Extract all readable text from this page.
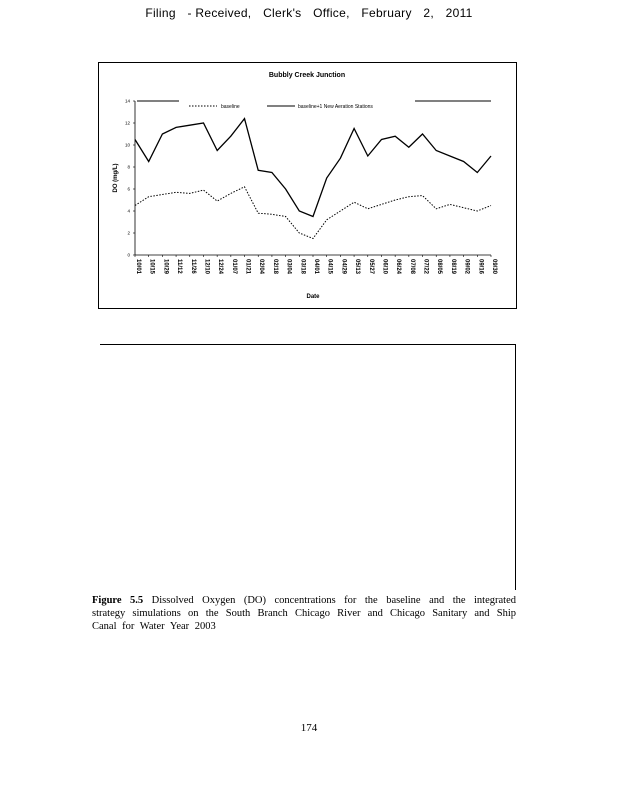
Filing - Received, Clerk's Office, February 2, 2011
Bubbly Creek Junction
baseline	baseline+1 New Aeration Stations
0
2
4
6
8
10
12
14
10/01 10/15 10/29 11/12 11/26 12/10 12/24 01/07 01/21 02/04 02/18 03/04 03/18 04/01 04/15 04/29 05/13 05/27 06/10 06/24 07/08 07/22 08/05 08/19 09/02 09/16 09/30
DO (mg/L)
Date
Figure 5.5 Dissolved Oxygen (DO) concentrations for the baseline and the integrated strategy simulations on the South Branch Chicago River and Chicago Sanitary and Ship Canal for Water Year 2003
174
